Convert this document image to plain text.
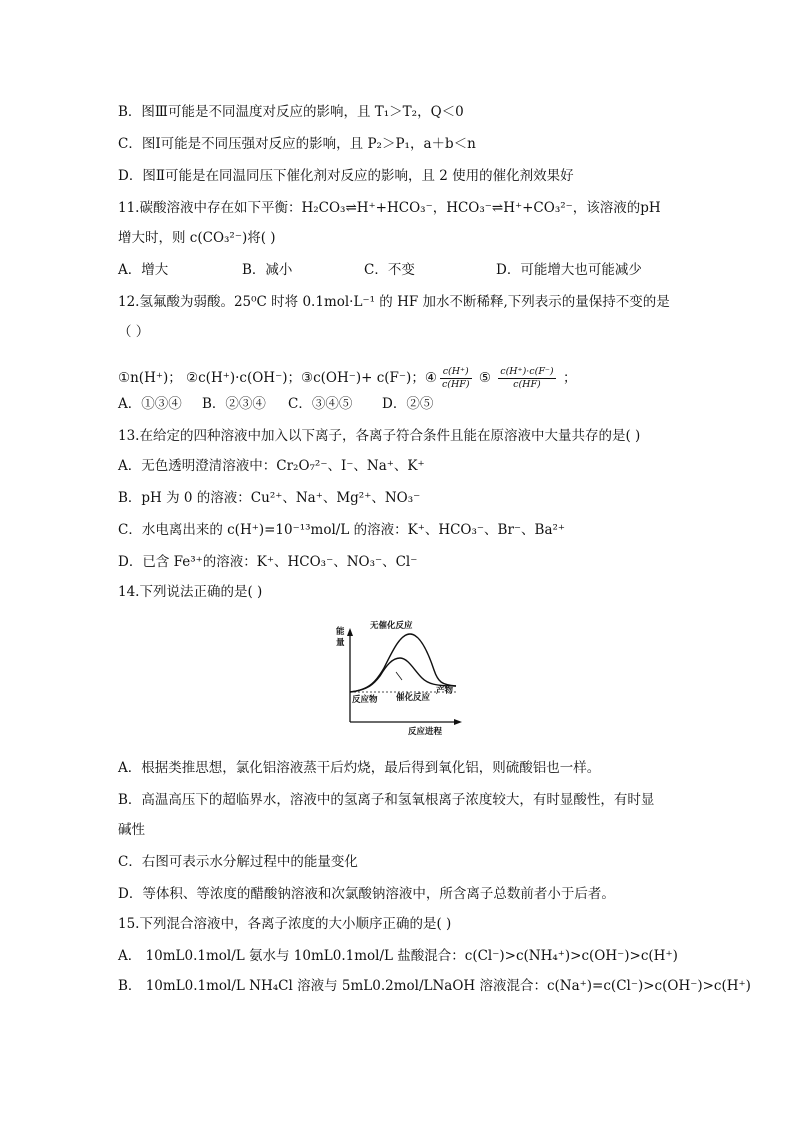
B．图Ⅲ可能是不同温度对反应的影响，且 T₁＞T₂，Q＜0
C．图Ⅰ可能是不同压强对反应的影响，且 P₂＞P₁，a＋b＜n
D．图Ⅱ可能是在同温同压下催化剂对反应的影响，且 2 使用的催化剂效果好
11.碳酸溶液中存在如下平衡：H₂CO₃⇌H⁺+HCO₃⁻，HCO₃⁻⇌H⁺+CO₃²⁻，该溶液的pH
增大时，则 c(CO₃²⁻)将( )
A．增大	B．减小	C．不变	D．可能增大也可能减少
12.氢氟酸为弱酸。25⁰C 时将 0.1mol·L⁻¹ 的 HF 加水不断稀释,下列表示的量保持不变的是
（ ）
①n(H⁺)； ②c(H⁺)·c(OH⁻)；③c(OH⁻)+ c(F⁻)；④ $\frac{c(H^+)}{c(HF)}$ ⑤ $\frac{c(H^+)\cdot c(F^-)}{c(HF)}$ ；
A．①③④ B．②③④ C．③④⑤ D．②⑤
13.在给定的四种溶液中加入以下离子，各离子符合条件且能在原溶液中大量共存的是( )
A．无色透明澄清溶液中：Cr₂O₇²⁻、I⁻、Na⁺、K⁺
B．pH 为 0 的溶液：Cu²⁺、Na⁺、Mg²⁺、NO₃⁻
C．水电离出来的 c(H⁺)=10⁻¹³mol/L 的溶液：K⁺、HCO₃⁻、Br⁻、Ba²⁺
D．已含 Fe³⁺的溶液：K⁺、HCO₃⁻、NO₃⁻、Cl⁻
14.下列说法正确的是( )
能
量
无催化反应
催化反应
反应物
产物
反应进程
A．根据类推思想，氯化铝溶液蒸干后灼烧，最后得到氧化铝，则硫酸铝也一样。
B．高温高压下的超临界水，溶液中的氢离子和氢氧根离子浓度较大，有时显酸性，有时显
碱性
C．右图可表示水分解过程中的能量变化
D．等体积、等浓度的醋酸钠溶液和次氯酸钠溶液中，所含离子总数前者小于后者。
15.下列混合溶液中，各离子浓度的大小顺序正确的是( )
A． 10mL0.1mol/L 氨水与 10mL0.1mol/L 盐酸混合：c(Cl⁻)>c(NH₄⁺)>c(OH⁻)>c(H⁺)
B． 10mL0.1mol/L NH₄Cl 溶液与 5mL0.2mol/LNaOH 溶液混合：c(Na⁺)=c(Cl⁻)>c(OH⁻)>c(H⁺)
